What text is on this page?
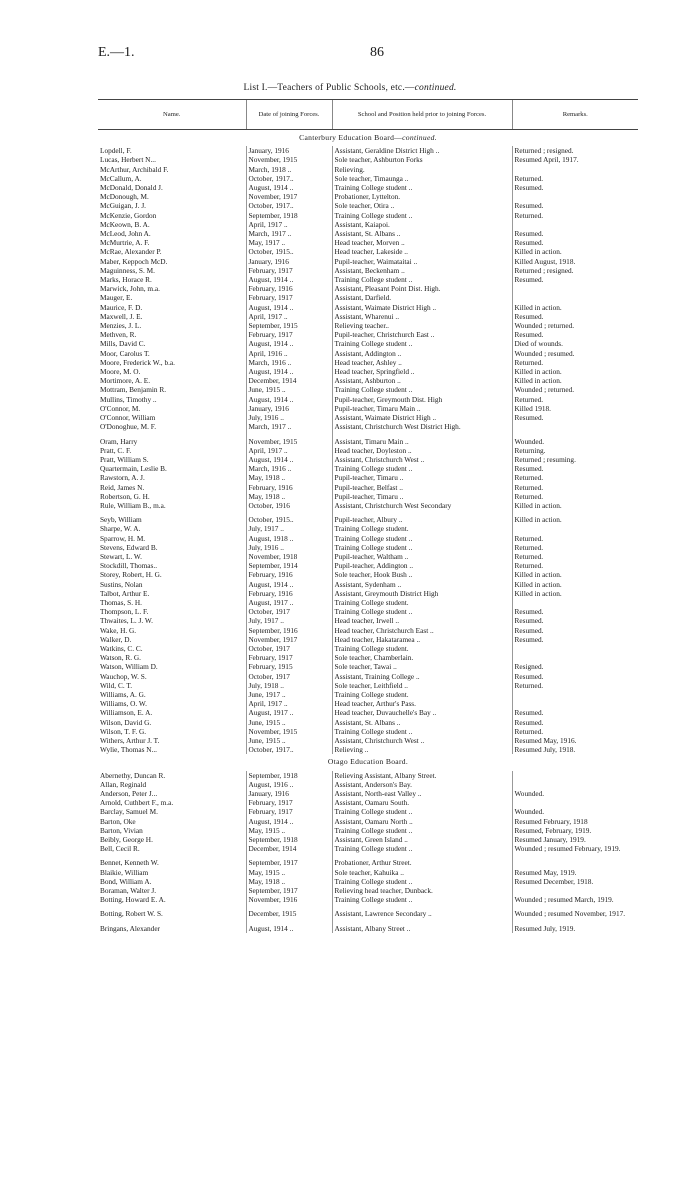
E.—1.	86
List I.—Teachers of Public Schools, etc.—continued.
Name.	Date of joining Forces.	School and Position held prior to joining Forces.	Remarks.
Canterbury Education Board—continued.			
Lopdell, F.	January, 1916	Assistant, Geraldine District High ..	Returned ; resigned.
Lucas, Herbert N...	November, 1915	Sole teacher, Ashburton Forks	Resumed April, 1917.
McArthur, Archibald F.	March, 1918 ..	Relieving.	
McCallum, A.	October, 1917..	Sole teacher, Timaunga ..	Returned.
McDonald, Donald J.	August, 1914 ..	Training College student ..	Resumed.
McDonough, M.	November, 1917	Probationer, Lyttelton.	
McGuigan, J. J.	October, 1917..	Sole teacher, Otira ..	Resumed.
McKenzie, Gordon	September, 1918	Training College student ..	Returned.
McKeown, B. A.	April, 1917 ..	Assistant, Kaiapoi.	
McLeod, John A.	March, 1917 ..	Assistant, St. Albans ..	Resumed.
McMurtrie, A. F.	May, 1917 ..	Head teacher, Morven ..	Resumed.
McRae, Alexander P.	October, 1915..	Head teacher, Lakeside ..	Killed in action.
Maber, Keppoch McD.	January, 1916	Pupil-teacher, Waimataitai ..	Killed August, 1918.
Maguinness, S. M.	February, 1917	Assistant, Beckenham ..	Returned ; resigned.
Marks, Horace R.	August, 1914 ..	Training College student ..	Resumed.
Marwick, John, m.a.	February, 1916	Assistant, Pleasant Point Dist. High.	
Mauger, E.	February, 1917	Assistant, Darfield.	
Maurice, F. D.	August, 1914 ..	Assistant, Waimate District High ..	Killed in action.
Maxwell, J. E.	April, 1917 ..	Assistant, Wharenui ..	Resumed.
Menzies, J. L.	September, 1915	Relieving teacher..	Wounded ; returned.
Methven, R.	February, 1917	Pupil-teacher, Christchurch East ..	Resumed.
Mills, David C.	August, 1914 ..	Training College student ..	Died of wounds.
Moor, Carolus T.	April, 1916 ..	Assistant, Addington ..	Wounded ; resumed.
Moore, Frederick W., b.a.	March, 1916 ..	Head teacher, Ashley ..	Returned.
Moore, M. O.	August, 1914 ..	Head teacher, Springfield ..	Killed in action.
Mortimore, A. E.	December, 1914	Assistant, Ashburton ..	Killed in action.
Mottram, Benjamin R.	June, 1915 ..	Training College student ..	Wounded ; returned.
Mullins, Timothy ..	August, 1914 ..	Pupil-teacher, Greymouth Dist. High	Returned.
O'Connor, M.	January, 1916	Pupil-teacher, Timaru Main ..	Killed 1918.
O'Connor, William	July, 1916 ..	Assistant, Waimate District High ..	Resumed.
O'Donoghue, M. F.	March, 1917 ..	Assistant, Christchurch West District High.	

Oram, Harry	November, 1915	Assistant, Timaru Main ..	Wounded.
Pratt, C. F.	April, 1917 ..	Head teacher, Doyleston ..	Returning.
Pratt, William S.	August, 1914 ..	Assistant, Christchurch West ..	Returned ; resuming.
Quartermain, Leslie B.	March, 1916 ..	Training College student ..	Resumed.
Rawstorn, A. J.	May, 1918 ..	Pupil-teacher, Timaru ..	Returned.
Reid, James N.	February, 1916	Pupil-teacher, Belfast ..	Returned.
Robertson, G. H.	May, 1918 ..	Pupil-teacher, Timaru ..	Returned.
Rule, William B., m.a.	October, 1916	Assistant, Christchurch West Secondary	Killed in action.

Seyb, William	October, 1915..	Pupil-teacher, Albury ..	Killed in action.
Sharpe, W. A.	July, 1917 ..	Training College student.	
Sparrow, H. M.	August, 1918 ..	Training College student ..	Returned.
Stevens, Edward B.	July, 1916 ..	Training College student ..	Returned.
Stewart, L. W.	November, 1918	Pupil-teacher, Waltham ..	Returned.
Stockdill, Thomas..	September, 1914	Pupil-teacher, Addington ..	Returned.
Storey, Robert, H. G.	February, 1916	Sole teacher, Hook Bush ..	Killed in action.
Sustins, Nolan	August, 1914 ..	Assistant, Sydenham ..	Killed in action.
Talbot, Arthur E.	February, 1916	Assistant, Greymouth District High	Killed in action.
Thomas, S. H.	August, 1917 ..	Training College student.	
Thompson, L. F.	October, 1917	Training College student ..	Resumed.
Thwaites, L. J. W.	July, 1917 ..	Head teacher, Irwell ..	Resumed.
Wake, H. G.	September, 1916	Head teacher, Christchurch East ..	Resumed.
Walker, D.	November, 1917	Head teacher, Hakataramea ..	Resumed.
Watkins, C. C.	October, 1917	Training College student.	
Watson, R. G.	February, 1917	Sole teacher, Chamberlain.	
Watson, William D.	February, 1915	Sole teacher, Tawai ..	Resigned.
Wauchop, W. S.	October, 1917	Assistant, Training College ..	Resumed.
Wild, C. T.	July, 1918 ..	Sole teacher, Leithfield ..	Returned.
Williams, A. G.	June, 1917 ..	Training College student.	
Williams, O. W.	April, 1917 ..	Head teacher, Arthur's Pass.	
Williamson, E. A.	August, 1917 ..	Head teacher, Duvauchelle's Bay ..	Resumed.
Wilson, David G.	June, 1915 ..	Assistant, St. Albans ..	Resumed.
Wilson, T. F. G.	November, 1915	Training College student ..	Returned.
Withers, Arthur J. T.	June, 1915 ..	Assistant, Christchurch West ..	Resumed May, 1916.
Wylie, Thomas N...	October, 1917..	Relieving ..	Resumed July, 1918.
Otago Education Board.			
Abernethy, Duncan R.	September, 1918	Relieving Assistant, Albany Street.	
Allan, Reginald	August, 1916 ..	Assistant, Anderson's Bay.	
Anderson, Peter J...	January, 1916	Assistant, North-east Valley ..	Wounded.
Arnold, Cuthbert F., m.a.	February, 1917	Assistant, Oamaru South.	
Barclay, Samuel M.	February, 1917	Training College student ..	Wounded.
Barton, Oke	August, 1914 ..	Assistant, Oamaru North ..	Resumed February, 1918
Barton, Vivian	May, 1915 ..	Training College student ..	Resumed, February, 1919.
Beibly, George H.	September, 1918	Assistant, Green Island ..	Resumed January, 1919.
Bell, Cecil R.	December, 1914	Training College student ..	Wounded ; resumed February, 1919.

Bennet, Kenneth W.	September, 1917	Probationer, Arthur Street.	
Blaikie, William	May, 1915 ..	Sole teacher, Kahuika ..	Resumed May, 1919.
Bond, William A.	May, 1918 ..	Training College student ..	Resumed December, 1918.
Boraman, Walter J.	September, 1917	Relieving head teacher, Dunback.	
Botting, Howard E. A.	November, 1916	Training College student ..	Wounded ; resumed March, 1919.

Botting, Robert W. S.	December, 1915	Assistant, Lawrence Secondary ..	Wounded ; resumed November, 1917.

Bringans, Alexander	August, 1914 ..	Assistant, Albany Street ..	Resumed July, 1919.
